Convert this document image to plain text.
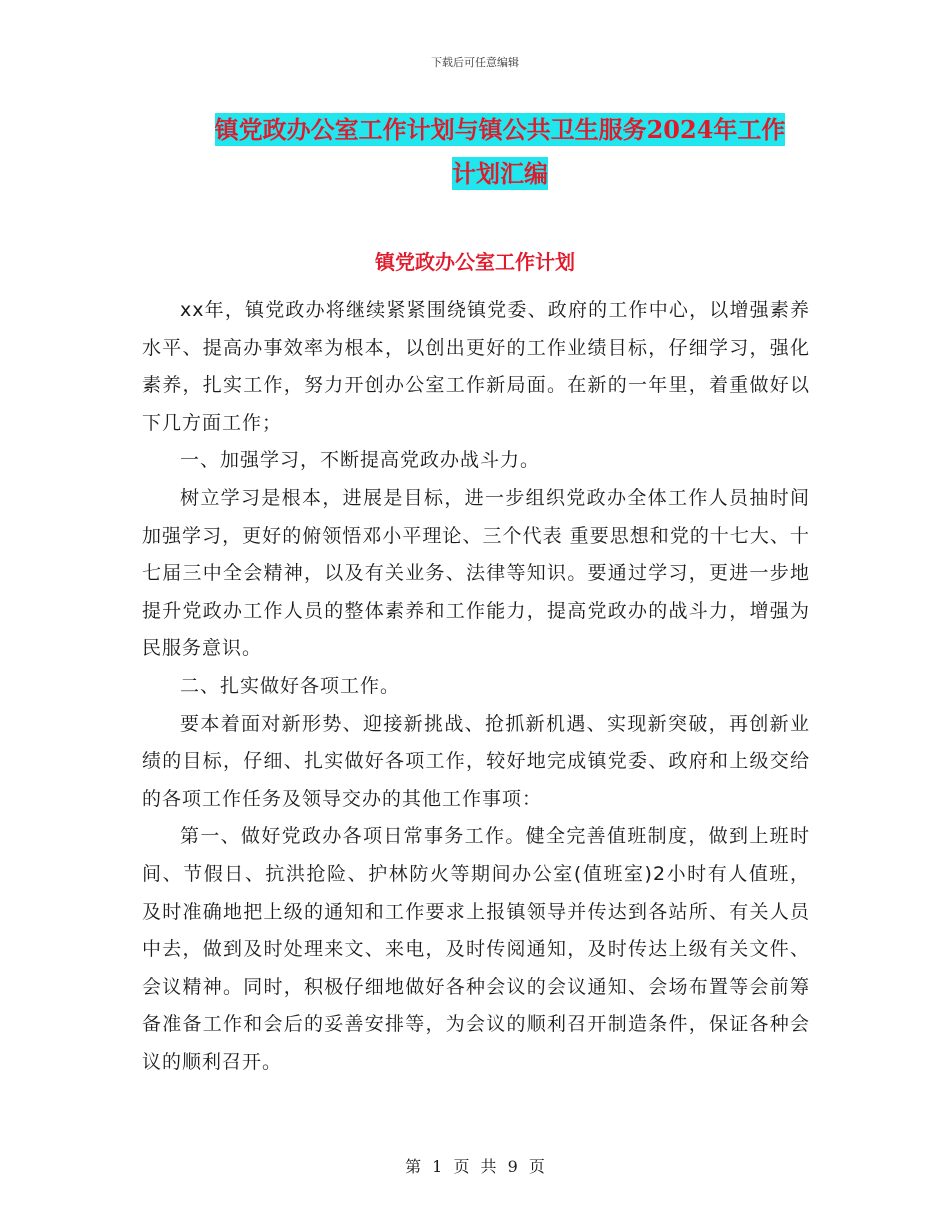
下载后可任意编辑
镇党政办公室工作计划与镇公共卫生服务2024年工作
计划汇编
镇党政办公室工作计划

xx年，镇党政办将继续紧紧围绕镇党委、政府的工作中心，以增强素养水平、提高办事效率为根本，以创出更好的工作业绩目标，仔细学习，强化素养，扎实工作，努力开创办公室工作新局面。在新的一年里，着重做好以下几方面工作；

一、加强学习，不断提高党政办战斗力。

树立学习是根本，进展是目标，进一步组织党政办全体工作人员抽时间加强学习，更好的俯领悟邓小平理论、三个代表 重要思想和党的十七大、十七届三中全会精神，以及有关业务、法律等知识。要通过学习，更进一步地提升党政办工作人员的整体素养和工作能力，提高党政办的战斗力，增强为民服务意识。

二、扎实做好各项工作。

要本着面对新形势、迎接新挑战、抢抓新机遇、实现新突破，再创新业绩的目标，仔细、扎实做好各项工作，较好地完成镇党委、政府和上级交给的各项工作任务及领导交办的其他工作事项：

第一、做好党政办各项日常事务工作。健全完善值班制度，做到上班时间、节假日、抗洪抢险、护林防火等期间办公室(值班室)2小时有人值班，及时准确地把上级的通知和工作要求上报镇领导并传达到各站所、有关人员中去，做到及时处理来文、来电，及时传阅通知，及时传达上级有关文件、会议精神。同时，积极仔细地做好各种会议的会议通知、会场布置等会前筹备准备工作和会后的妥善安排等，为会议的顺利召开制造条件，保证各种会议的顺利召开。

第 1 页 共 9 页
